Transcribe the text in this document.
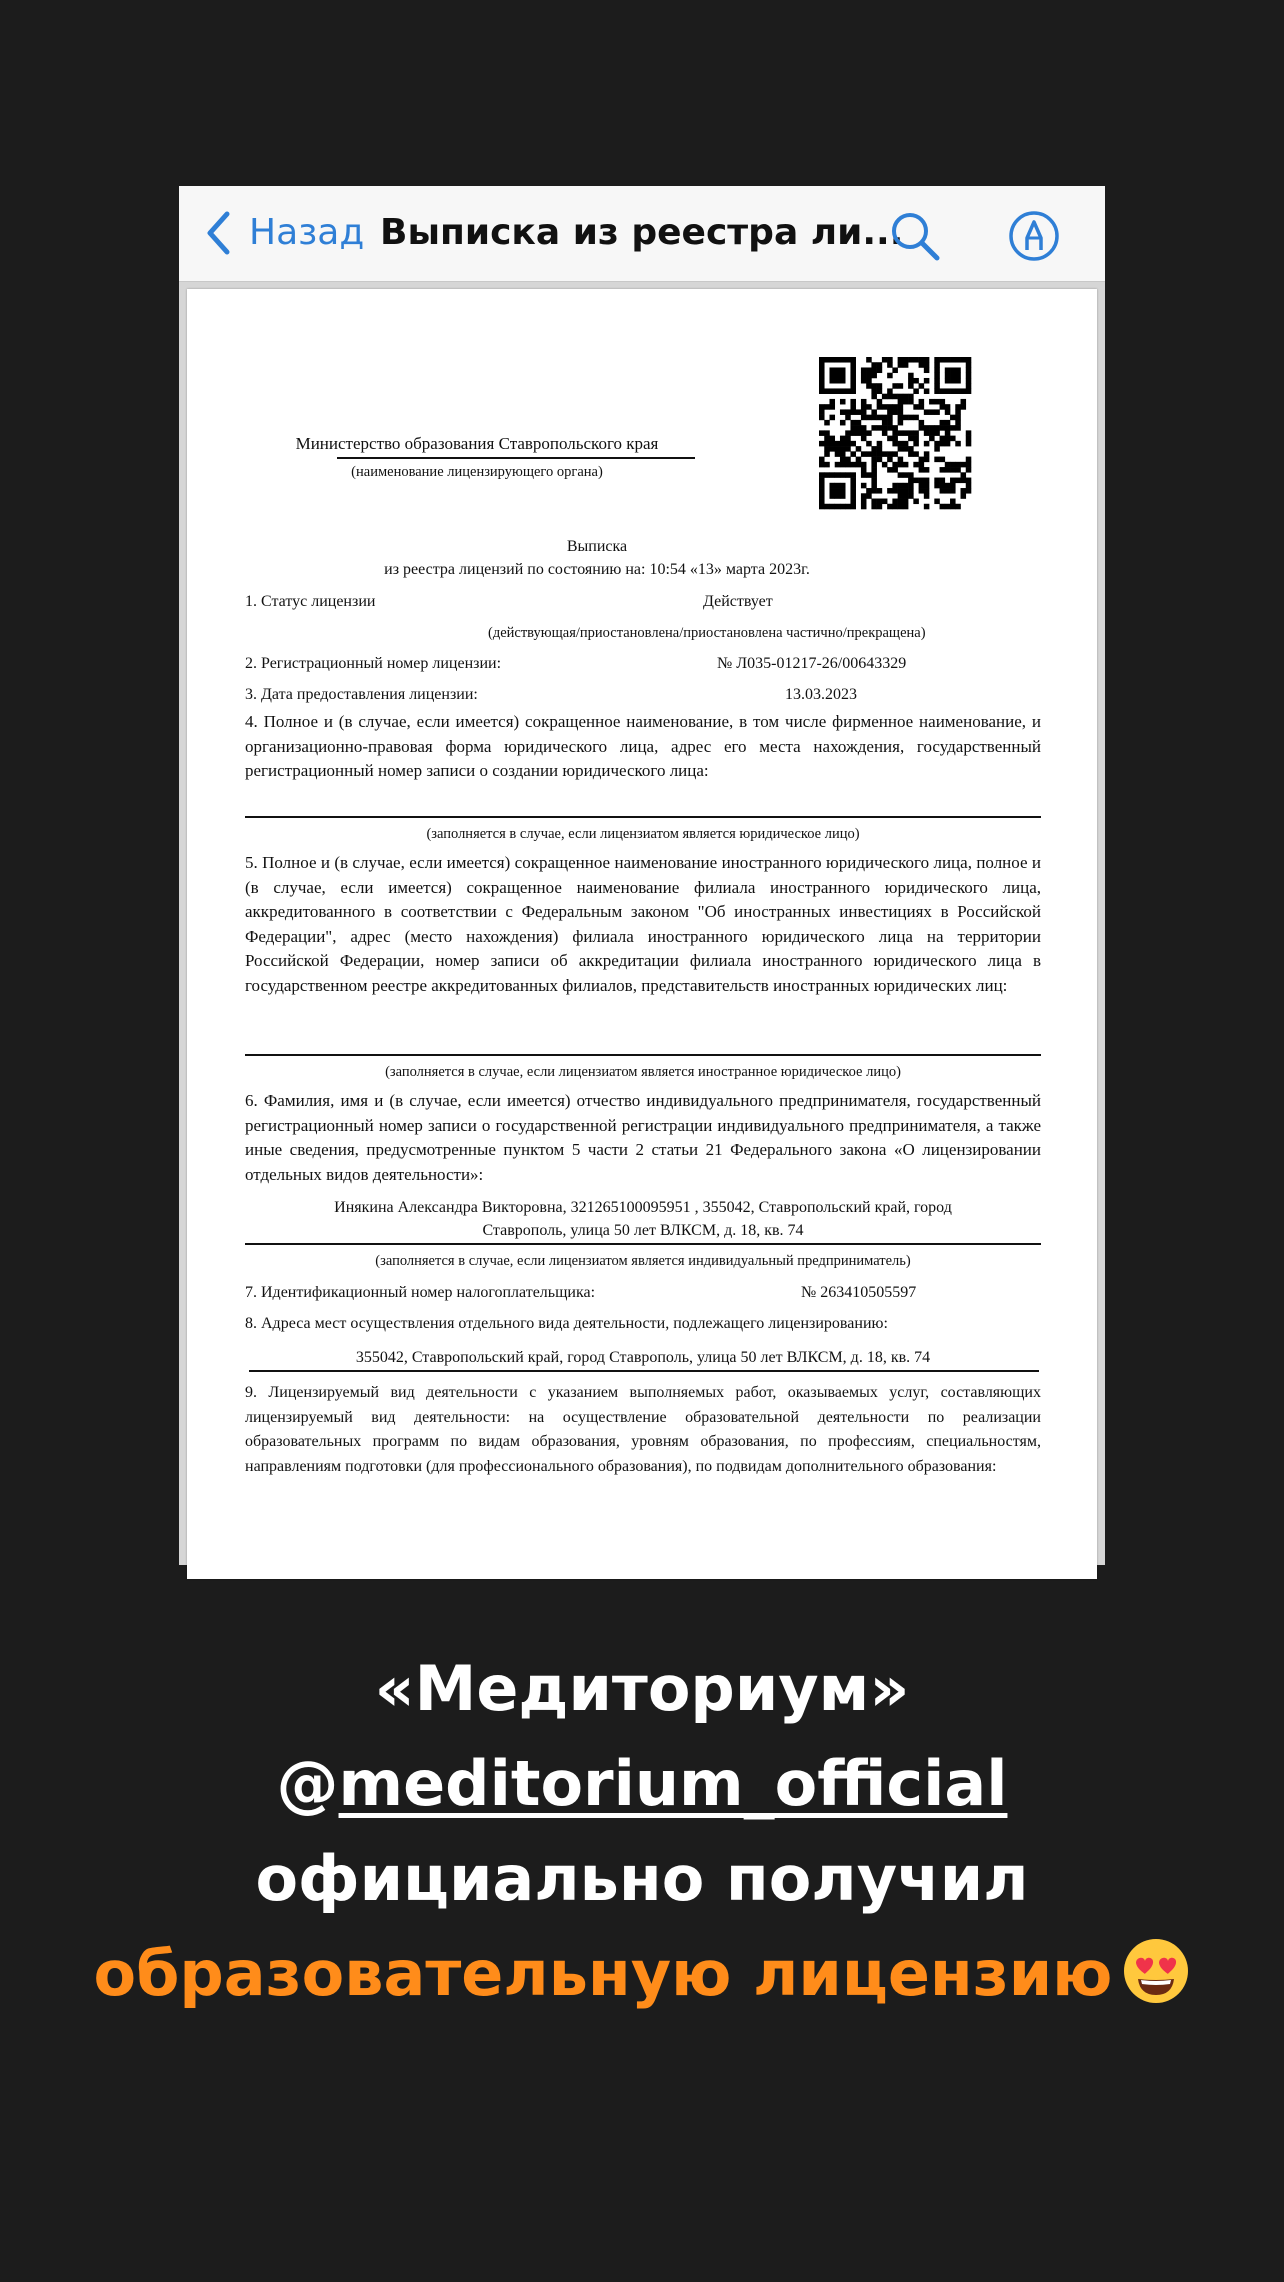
Назад Выписка из реестра ли...
Министерство образования Ставропольского края
(наименование лицензирующего органа)
Выписка
из реестра лицензий по состоянию на: 10:54 «13» марта 2023г.
1. Статус лицензии	Действует
(действующая/приостановлена/приостановлена частично/прекращена)
2. Регистрационный номер лицензии:	№ Л035-01217-26/00643329
3. Дата предоставления лицензии:	13.03.2023
4. Полное и (в случае, если имеется) сокращенное наименование, в том числе фирменное наименование, и организационно-правовая форма юридического лица, адрес его места нахождения, государственный регистрационный номер записи о создании юридического лица:
(заполняется в случае, если лицензиатом является юридическое лицо)
5. Полное и (в случае, если имеется) сокращенное наименование иностранного юридического лица, полное и (в случае, если имеется) сокращенное наименование филиала иностранного юридического лица, аккредитованного в соответствии с Федеральным законом "Об иностранных инвестициях в Российской Федерации", адрес (место нахождения) филиала иностранного юридического лица на территории Российской Федерации, номер записи об аккредитации филиала иностранного юридического лица в государственном реестре аккредитованных филиалов, представительств иностранных юридических лиц:
(заполняется в случае, если лицензиатом является иностранное юридическое лицо)
6. Фамилия, имя и (в случае, если имеется) отчество индивидуального предпринимателя, государственный регистрационный номер записи о государственной регистрации индивидуального предпринимателя, а также иные сведения, предусмотренные пунктом 5 части 2 статьи 21 Федерального закона «О лицензировании отдельных видов деятельности»:
Инякина Александра Викторовна, 321265100095951 , 355042, Ставропольский край, город
Ставрополь, улица 50 лет ВЛКСМ, д. 18, кв. 74
(заполняется в случае, если лицензиатом является индивидуальный предприниматель)
7. Идентификационный номер налогоплательщика:	№ 263410505597
8. Адреса мест осуществления отдельного вида деятельности, подлежащего лицензированию:
355042, Ставропольский край, город Ставрополь, улица 50 лет ВЛКСМ, д. 18, кв. 74
9. Лицензируемый вид деятельности с указанием выполняемых работ, оказываемых услуг, составляющих лицензируемый вид деятельности: на осуществление образовательной деятельности по реализации образовательных программ по видам образования, уровням образования, по профессиям, специальностям, направлениям подготовки (для профессионального образования), по подвидам дополнительного образования:
«Медиториум»
@meditorium_official
официально получил
образовательную лицензию
